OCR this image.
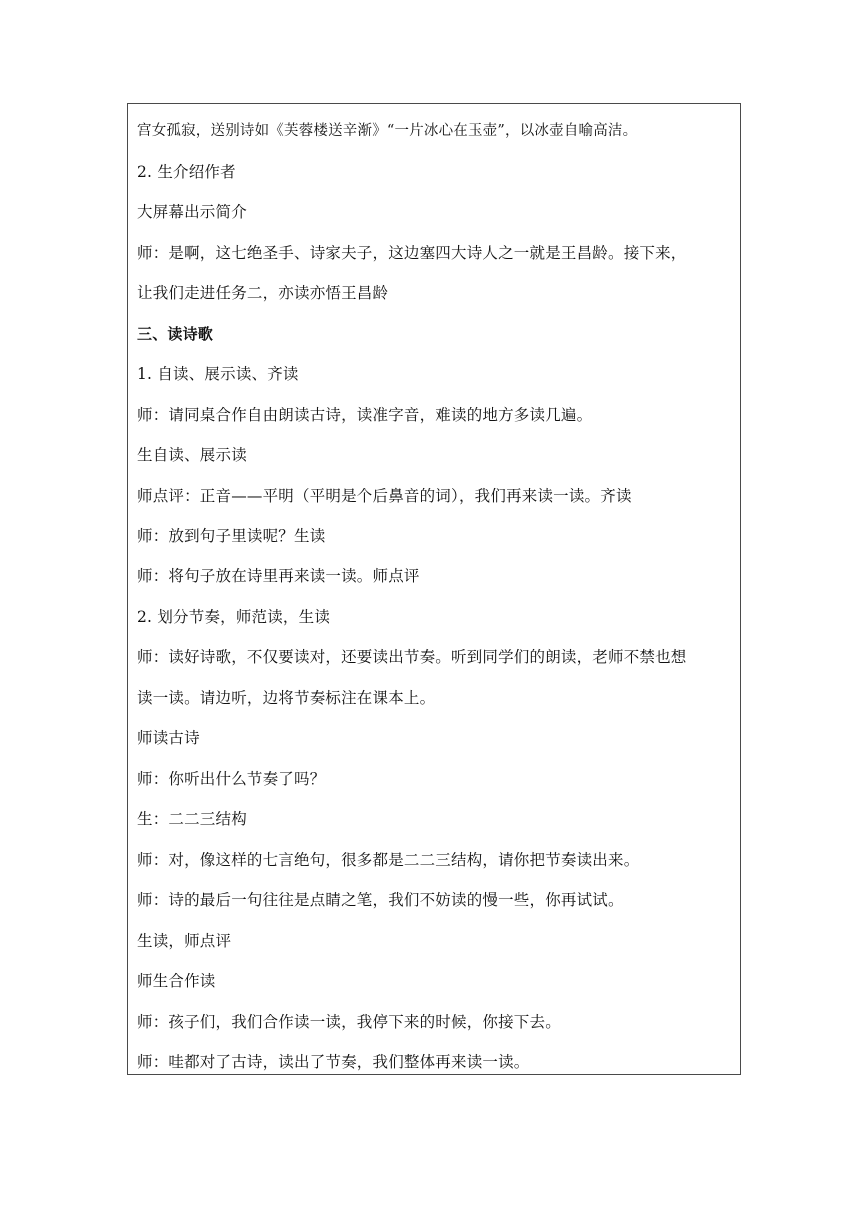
宫女孤寂，送别诗如《芙蓉楼送辛渐》“一片冰心在玉壶”，以冰壶自喻高洁。

2. 生介绍作者

大屏幕出示简介

师：是啊，这七绝圣手、诗家夫子，这边塞四大诗人之一就是王昌龄。接下来，

让我们走进任务二，亦读亦悟王昌龄

三、读诗歌

1. 自读、展示读、齐读

师：请同桌合作自由朗读古诗，读准字音，难读的地方多读几遍。

生自读、展示读

师点评：正音——平明（平明是个后鼻音的词），我们再来读一读。齐读

师：放到句子里读呢？生读

师：将句子放在诗里再来读一读。师点评

2. 划分节奏，师范读，生读

师：读好诗歌，不仅要读对，还要读出节奏。听到同学们的朗读，老师不禁也想

读一读。请边听，边将节奏标注在课本上。

师读古诗

师：你听出什么节奏了吗？

生：二二三结构

师：对，像这样的七言绝句，很多都是二二三结构，请你把节奏读出来。

师：诗的最后一句往往是点睛之笔，我们不妨读的慢一些，你再试试。

生读，师点评

师生合作读

师：孩子们，我们合作读一读，我停下来的时候，你接下去。

师：哇都对了古诗，读出了节奏，我们整体再来读一读。
